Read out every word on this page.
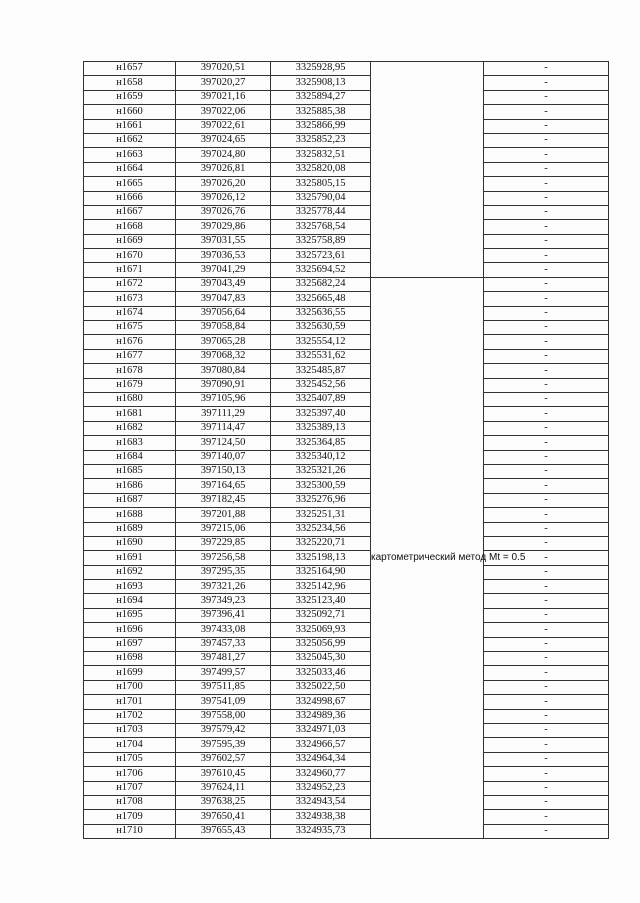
н1657	397020,51	3325928,95		-
н1658	397020,27	3325908,13		-
н1659	397021,16	3325894,27		-
н1660	397022,06	3325885,38		-
н1661	397022,61	3325866,99		-
н1662	397024,65	3325852,23		-
н1663	397024,80	3325832,51		-
н1664	397026,81	3325820,08		-
н1665	397026,20	3325805,15		-
н1666	397026,12	3325790,04		-
н1667	397026,76	3325778,44		-
н1668	397029,86	3325768,54		-
н1669	397031,55	3325758,89		-
н1670	397036,53	3325723,61		-
н1671	397041,29	3325694,52		-
н1672	397043,49	3325682,24	картометрический метод Mt = 0.5	-
н1673	397047,83	3325665,48		-
н1674	397056,64	3325636,55		-
н1675	397058,84	3325630,59		-
н1676	397065,28	3325554,12		-
н1677	397068,32	3325531,62		-
н1678	397080,84	3325485,87		-
н1679	397090,91	3325452,56		-
н1680	397105,96	3325407,89		-
н1681	397111,29	3325397,40		-
н1682	397114,47	3325389,13		-
н1683	397124,50	3325364,85		-
н1684	397140,07	3325340,12		-
н1685	397150,13	3325321,26		-
н1686	397164,65	3325300,59		-
н1687	397182,45	3325276,96		-
н1688	397201,88	3325251,31		-
н1689	397215,06	3325234,56		-
н1690	397229,85	3325220,71		-
н1691	397256,58	3325198,13		-
н1692	397295,35	3325164,90		-
н1693	397321,26	3325142,96		-
н1694	397349,23	3325123,40		-
н1695	397396,41	3325092,71		-
н1696	397433,08	3325069,93		-
н1697	397457,33	3325056,99		-
н1698	397481,27	3325045,30		-
н1699	397499,57	3325033,46		-
н1700	397511,85	3325022,50		-
н1701	397541,09	3324998,67		-
н1702	397558,00	3324989,36		-
н1703	397579,42	3324971,03		-
н1704	397595,39	3324966,57		-
н1705	397602,57	3324964,34		-
н1706	397610,45	3324960,77		-
н1707	397624,11	3324952,23		-
н1708	397638,25	3324943,54		-
н1709	397650,41	3324938,38		-
н1710	397655,43	3324935,73		-
